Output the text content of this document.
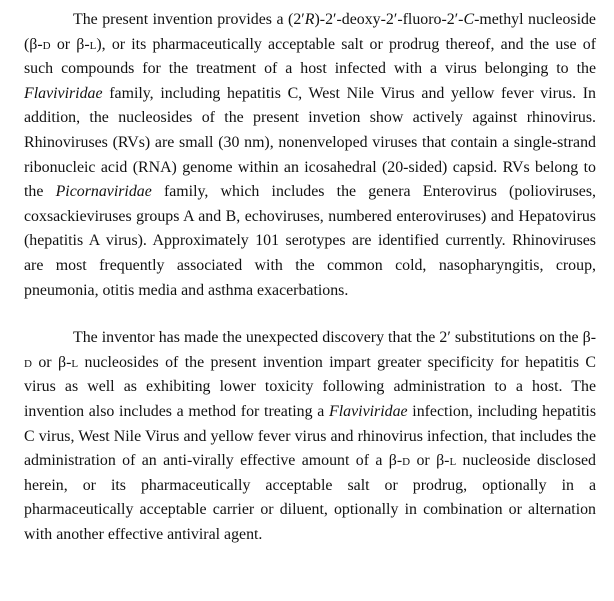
The present invention provides a (2′R)-2′-deoxy-2′-fluoro-2′-C-methyl nucleoside (β-d or β-l), or its pharmaceutically acceptable salt or prodrug thereof, and the use of such compounds for the treatment of a host infected with a virus belonging to the Flaviviridae family, including hepatitis C, West Nile Virus and yellow fever virus. In addition, the nucleosides of the present invetion show actively against rhinovirus. Rhinoviruses (RVs) are small (30 nm), nonenveloped viruses that contain a single-strand ribonucleic acid (RNA) genome within an icosahedral (20-sided) capsid. RVs belong to the Picornaviridae family, which includes the genera Enterovirus (polioviruses, coxsackieviruses groups A and B, echoviruses, numbered enteroviruses) and Hepatovirus (hepatitis A virus). Approximately 101 serotypes are identified currently. Rhinoviruses are most frequently associated with the common cold, nasopharyngitis, croup, pneumonia, otitis media and asthma exacerbations.

The inventor has made the unexpected discovery that the 2′ substitutions on the β-d or β-l nucleosides of the present invention impart greater specificity for hepatitis C virus as well as exhibiting lower toxicity following administration to a host. The invention also includes a method for treating a Flaviviridae infection, including hepatitis C virus, West Nile Virus and yellow fever virus and rhinovirus infection, that includes the administration of an anti-virally effective amount of a β-d or β-l nucleoside disclosed herein, or its pharmaceutically acceptable salt or prodrug, optionally in a pharmaceutically acceptable carrier or diluent, optionally in combination or alternation with another effective antiviral agent.
